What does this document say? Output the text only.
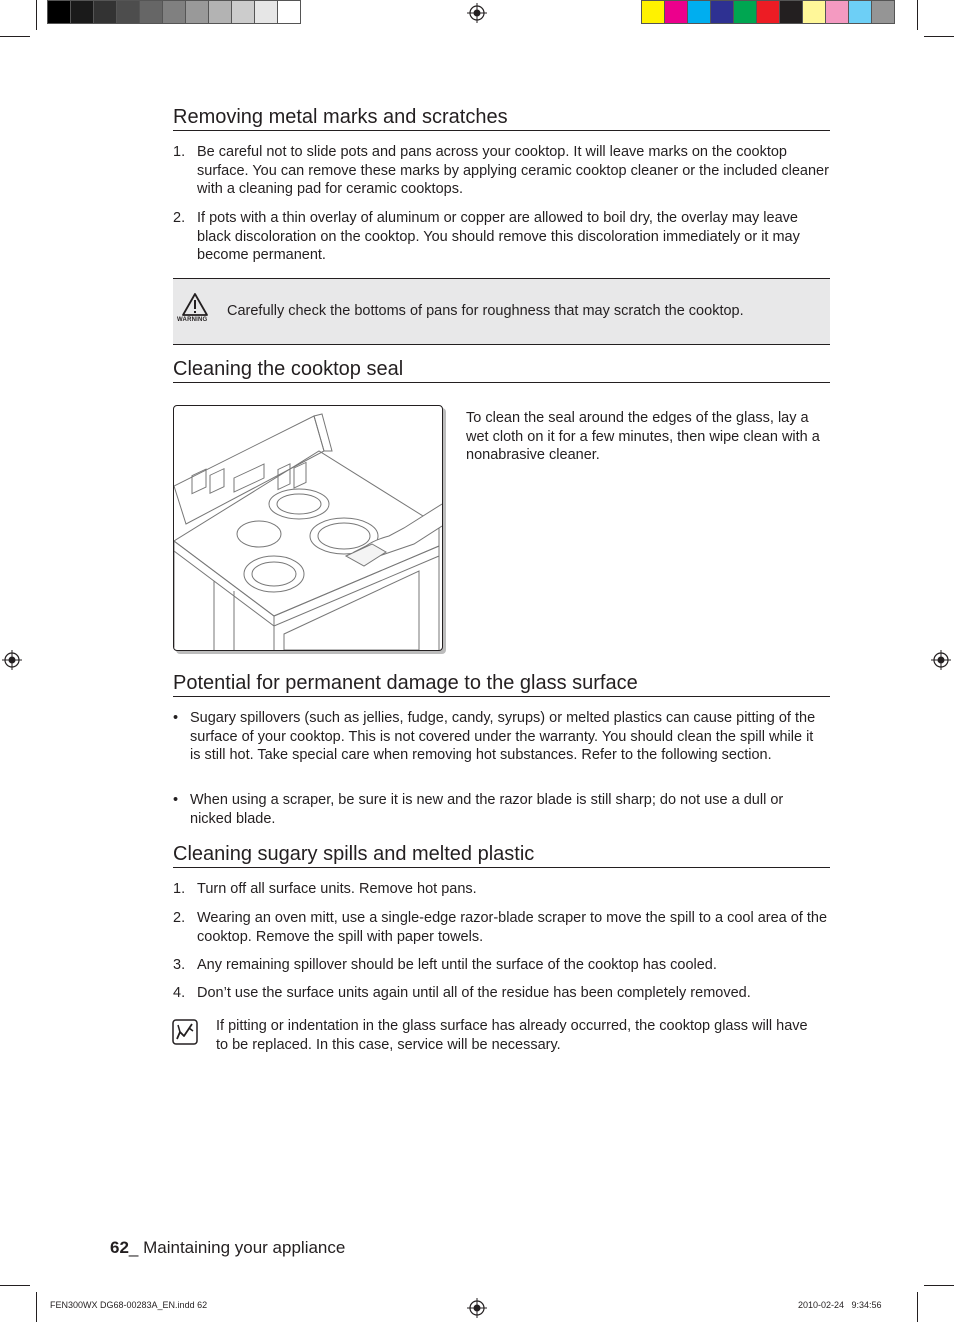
Removing metal marks and scratches
1. Be careful not to slide pots and pans across your cooktop. It will leave marks on the cooktop surface. You can remove these marks by applying ceramic cooktop cleaner or the included cleaner with a cleaning pad for ceramic cooktops.
2. If pots with a thin overlay of aluminum or copper are allowed to boil dry, the overlay may leave black discoloration on the cooktop. You should remove this discoloration immediately or it may become permanent.
WARNING
Carefully check the bottoms of pans for roughness that may scratch the cooktop.
Cleaning the cooktop seal
To clean the seal around the edges of the glass, lay a wet cloth on it for a few minutes, then wipe clean with a nonabrasive cleaner.
Potential for permanent damage to the glass surface
• Sugary spillovers (such as jellies, fudge, candy, syrups) or melted plastics can cause pitting of the surface of your cooktop. This is not covered under the warranty. You should clean the spill while it is still hot. Take special care when removing hot substances. Refer to the following section.
• When using a scraper, be sure it is new and the razor blade is still sharp; do not use a dull or nicked blade.
Cleaning sugary spills and melted plastic
1. Turn off all surface units. Remove hot pans.
2. Wearing an oven mitt, use a single-edge razor-blade scraper to move the spill to a cool area of the cooktop. Remove the spill with paper towels.
3. Any remaining spillover should be left until the surface of the cooktop has cooled.
4. Don’t use the surface units again until all of the residue has been completely removed.
If pitting or indentation in the glass surface has already occurred, the cooktop glass will have to be replaced. In this case, service will be necessary.
62_ Maintaining your appliance
FEN300WX DG68-00283A_EN.indd 62	2010-02-24   9:34:56
